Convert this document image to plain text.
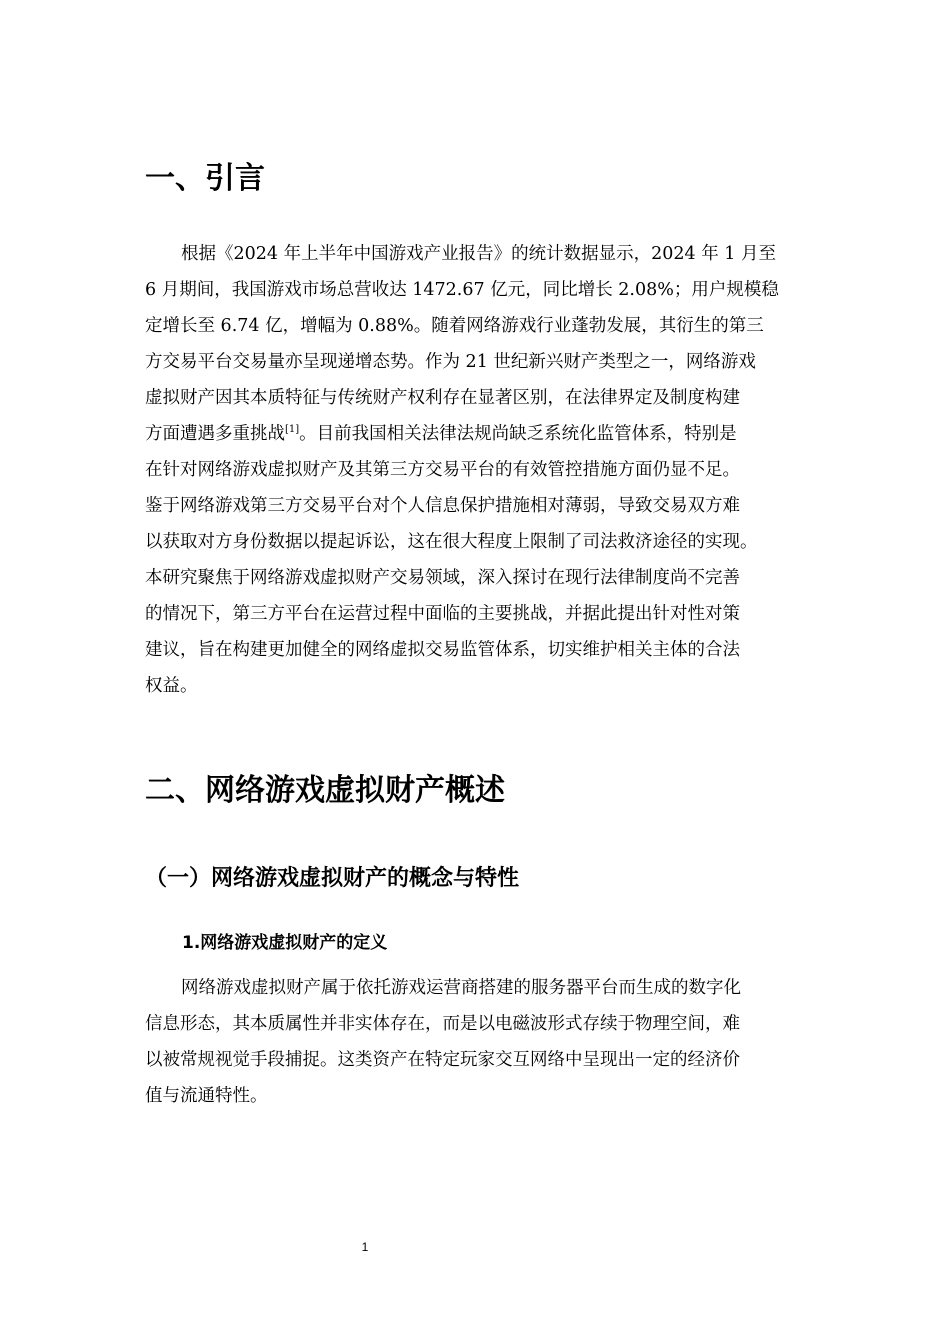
一、引言
根据《2024 年上半年中国游戏产业报告》的统计数据显示，2024 年 1 月至
6 月期间，我国游戏市场总营收达 1472.67 亿元，同比增长 2.08%；用户规模稳
定增长至 6.74 亿，增幅为 0.88%。随着网络游戏行业蓬勃发展，其衍生的第三
方交易平台交易量亦呈现递增态势。作为 21 世纪新兴财产类型之一，网络游戏
虚拟财产因其本质特征与传统财产权利存在显著区别，在法律界定及制度构建
方面遭遇多重挑战[1]。目前我国相关法律法规尚缺乏系统化监管体系，特别是
在针对网络游戏虚拟财产及其第三方交易平台的有效管控措施方面仍显不足。
鉴于网络游戏第三方交易平台对个人信息保护措施相对薄弱，导致交易双方难
以获取对方身份数据以提起诉讼，这在很大程度上限制了司法救济途径的实现。
本研究聚焦于网络游戏虚拟财产交易领域，深入探讨在现行法律制度尚不完善
的情况下，第三方平台在运营过程中面临的主要挑战，并据此提出针对性对策
建议，旨在构建更加健全的网络虚拟交易监管体系，切实维护相关主体的合法
权益。
二、网络游戏虚拟财产概述
（一）网络游戏虚拟财产的概念与特性
1.网络游戏虚拟财产的定义
网络游戏虚拟财产属于依托游戏运营商搭建的服务器平台而生成的数字化
信息形态，其本质属性并非实体存在，而是以电磁波形式存续于物理空间，难
以被常规视觉手段捕捉。这类资产在特定玩家交互网络中呈现出一定的经济价
值与流通特性。
1
